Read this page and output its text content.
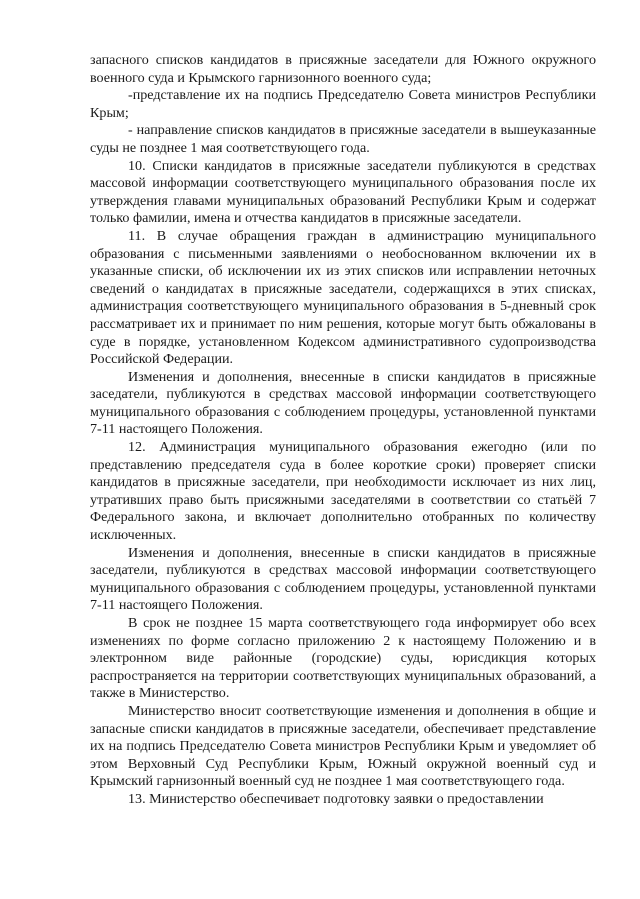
запасного списков кандидатов в присяжные заседатели для Южного окружного военного суда и Крымского гарнизонного военного суда;

-представление их на подпись Председателю Совета министров Республики Крым;

- направление списков кандидатов в присяжные заседатели в вышеуказанные суды не позднее 1 мая соответствующего года.

10. Списки кандидатов в присяжные заседатели публикуются в средствах массовой информации соответствующего муниципального образования после их утверждения главами муниципальных образований Республики Крым и содержат только фамилии, имена и отчества кандидатов в присяжные заседатели.

11. В случае обращения граждан в администрацию муниципального образования с письменными заявлениями о необоснованном включении их в указанные списки, об исключении их из этих списков или исправлении неточных сведений о кандидатах в присяжные заседатели, содержащихся в этих списках, администрация соответствующего муниципального образования в 5-дневный срок рассматривает их и принимает по ним решения, которые могут быть обжалованы в суде в порядке, установленном Кодексом административного судопроизводства Российской Федерации.

Изменения и дополнения, внесенные в списки кандидатов в присяжные заседатели, публикуются в средствах массовой информации соответствующего муниципального образования с соблюдением процедуры, установленной пунктами 7-11 настоящего Положения.

12. Администрация муниципального образования ежегодно (или по представлению председателя суда в более короткие сроки) проверяет списки кандидатов в присяжные заседатели, при необходимости исключает из них лиц, утративших право быть присяжными заседателями в соответствии со статьёй 7 Федерального закона, и включает дополнительно отобранных по количеству исключенных.

Изменения и дополнения, внесенные в списки кандидатов в присяжные заседатели, публикуются в средствах массовой информации соответствующего муниципального образования с соблюдением процедуры, установленной пунктами 7-11 настоящего Положения.

В срок не позднее 15 марта соответствующего года информирует обо всех изменениях по форме согласно приложению 2 к настоящему Положению и в электронном виде районные (городские) суды, юрисдикция которых распространяется на территории соответствующих муниципальных образований, а также в Министерство.

Министерство вносит соответствующие изменения и дополнения в общие и запасные списки кандидатов в присяжные заседатели, обеспечивает представление их на подпись Председателю Совета министров Республики Крым и уведомляет об этом Верховный Суд Республики Крым, Южный окружной военный суд и Крымский гарнизонный военный суд не позднее 1 мая соответствующего года.

13. Министерство обеспечивает подготовку заявки о предоставлении
